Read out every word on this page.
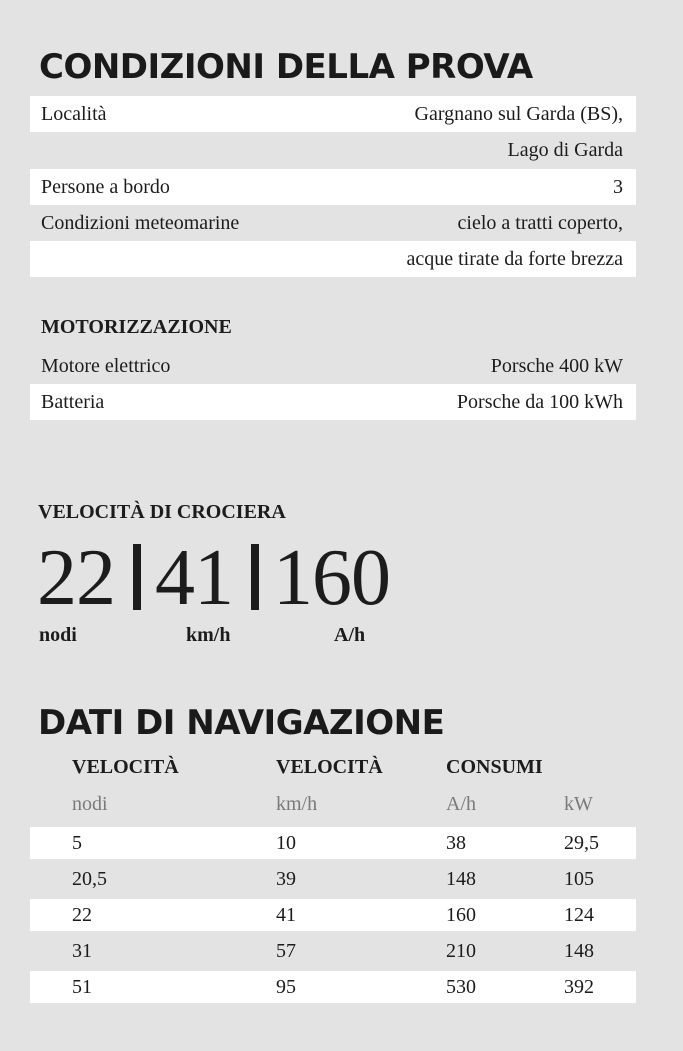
CONDIZIONI DELLA PROVA
Località	Gargnano sul Garda (BS),
Lago di Garda
Persone a bordo	3
Condizioni meteomarine	cielo a tratti coperto,
acque tirate da forte brezza
MOTORIZZAZIONE
Motore elettrico	Porsche 400 kW
Batteria	Porsche da 100 kWh
VELOCITÀ DI CROCIERA
22 41 160
nodi	km/h	A/h
DATI DI NAVIGAZIONE
VELOCITÀ	VELOCITÀ	CONSUMI
nodi	km/h	A/h	kW
5	10	38	29,5
20,5	39	148	105
22	41	160	124
31	57	210	148
51	95	530	392
